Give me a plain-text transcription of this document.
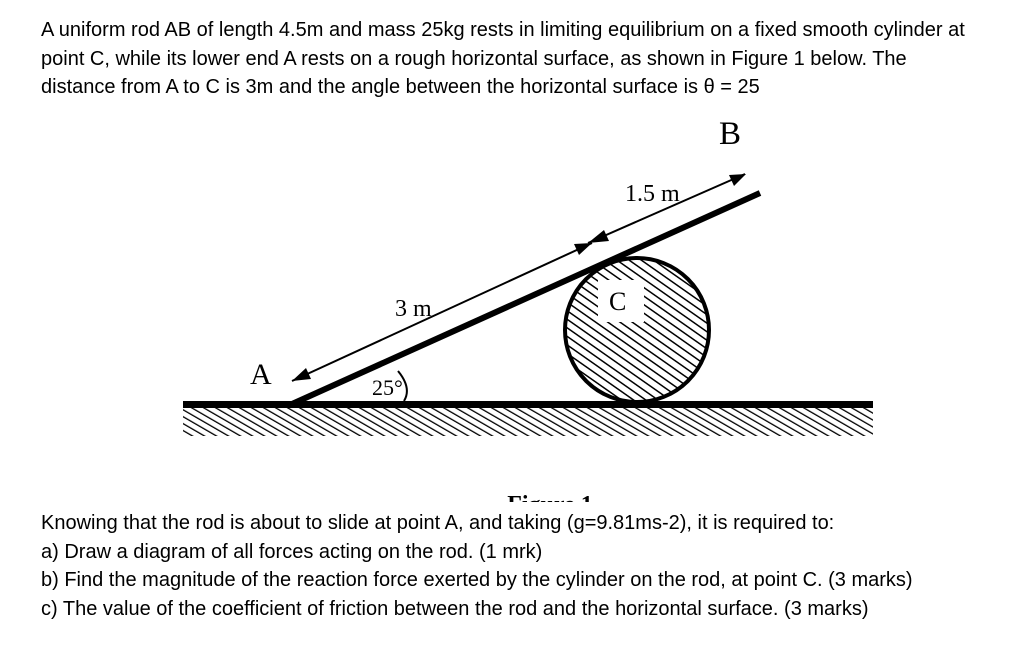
A uniform rod AB of length 4.5m and mass 25kg rests in limiting equilibrium on a fixed smooth cylinder at point C, while its lower end A rests on a rough horizontal surface, as shown in Figure 1 below. The distance from A to C is 3m and the angle between the horizontal surface is θ = 25

A
B
C
3 m
1.5 m
25°
Figure 1

Knowing that the rod is about to slide at point A, and taking (g=9.81ms-2), it is required to:

a) Draw a diagram of all forces acting on the rod. (1 mrk)

b) Find the magnitude of the reaction force exerted by the cylinder on the rod, at point C. (3 marks)

c) The value of the coefficient of friction between the rod and the horizontal surface. (3 marks)
